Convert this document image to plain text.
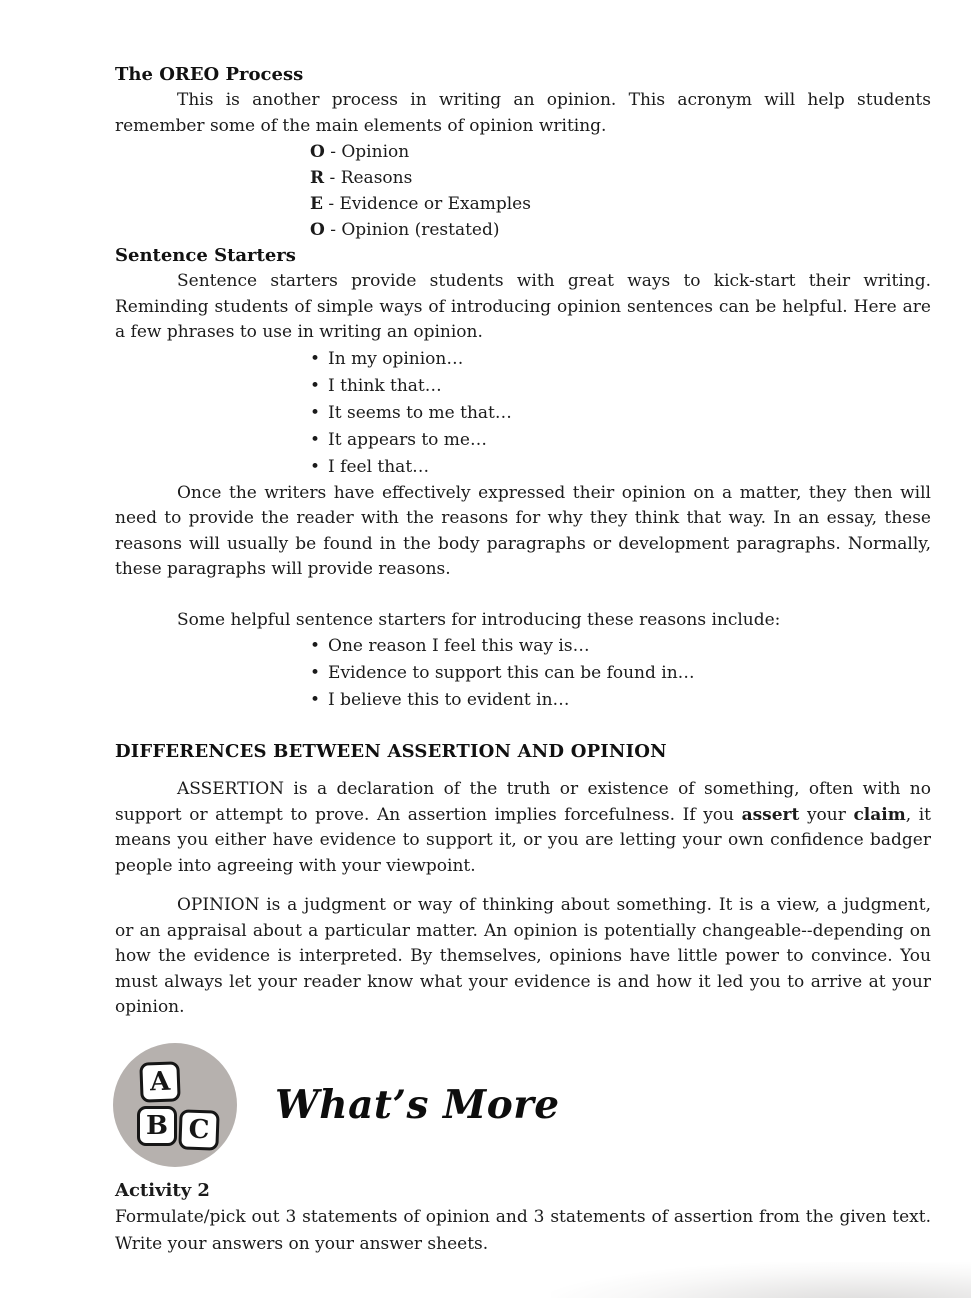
The OREO Process

This is another process in writing an opinion. This acronym will help students remember some of the main elements of opinion writing.

O - Opinion
R - Reasons
E - Evidence or Examples
O - Opinion (restated)
Sentence Starters

Sentence starters provide students with great ways to kick-start their writing. Reminding students of simple ways of introducing opinion sentences can be helpful. Here are a few phrases to use in writing an opinion.

• In my opinion…
• I think that…
• It seems to me that…
• It appears to me…
• I feel that…

Once the writers have effectively expressed their opinion on a matter, they then will need to provide the reader with the reasons for why they think that way. In an essay, these reasons will usually be found in the body paragraphs or development paragraphs. Normally, these paragraphs will provide reasons.

Some helpful sentence starters for introducing these reasons include:

• One reason I feel this way is…
• Evidence to support this can be found in…
• I believe this to evident in…
DIFFERENCES BETWEEN ASSERTION AND OPINION

ASSERTION is a declaration of the truth or existence of something, often with no support or attempt to prove. An assertion implies forcefulness. If you assert your claim, it means you either have evidence to support it, or you are letting your own confidence badger people into agreeing with your viewpoint.

OPINION is a judgment or way of thinking about something. It is a view, a judgment, or an appraisal about a particular matter. An opinion is potentially changeable--depending on how the evidence is interpreted. By themselves, opinions have little power to convince. You must always let your reader know what your evidence is and how it led you to arrive at your opinion.

A
B C
What’s More
Activity 2

Formulate/pick out 3 statements of opinion and 3 statements of assertion from the given text. Write your answers on your answer sheets.
